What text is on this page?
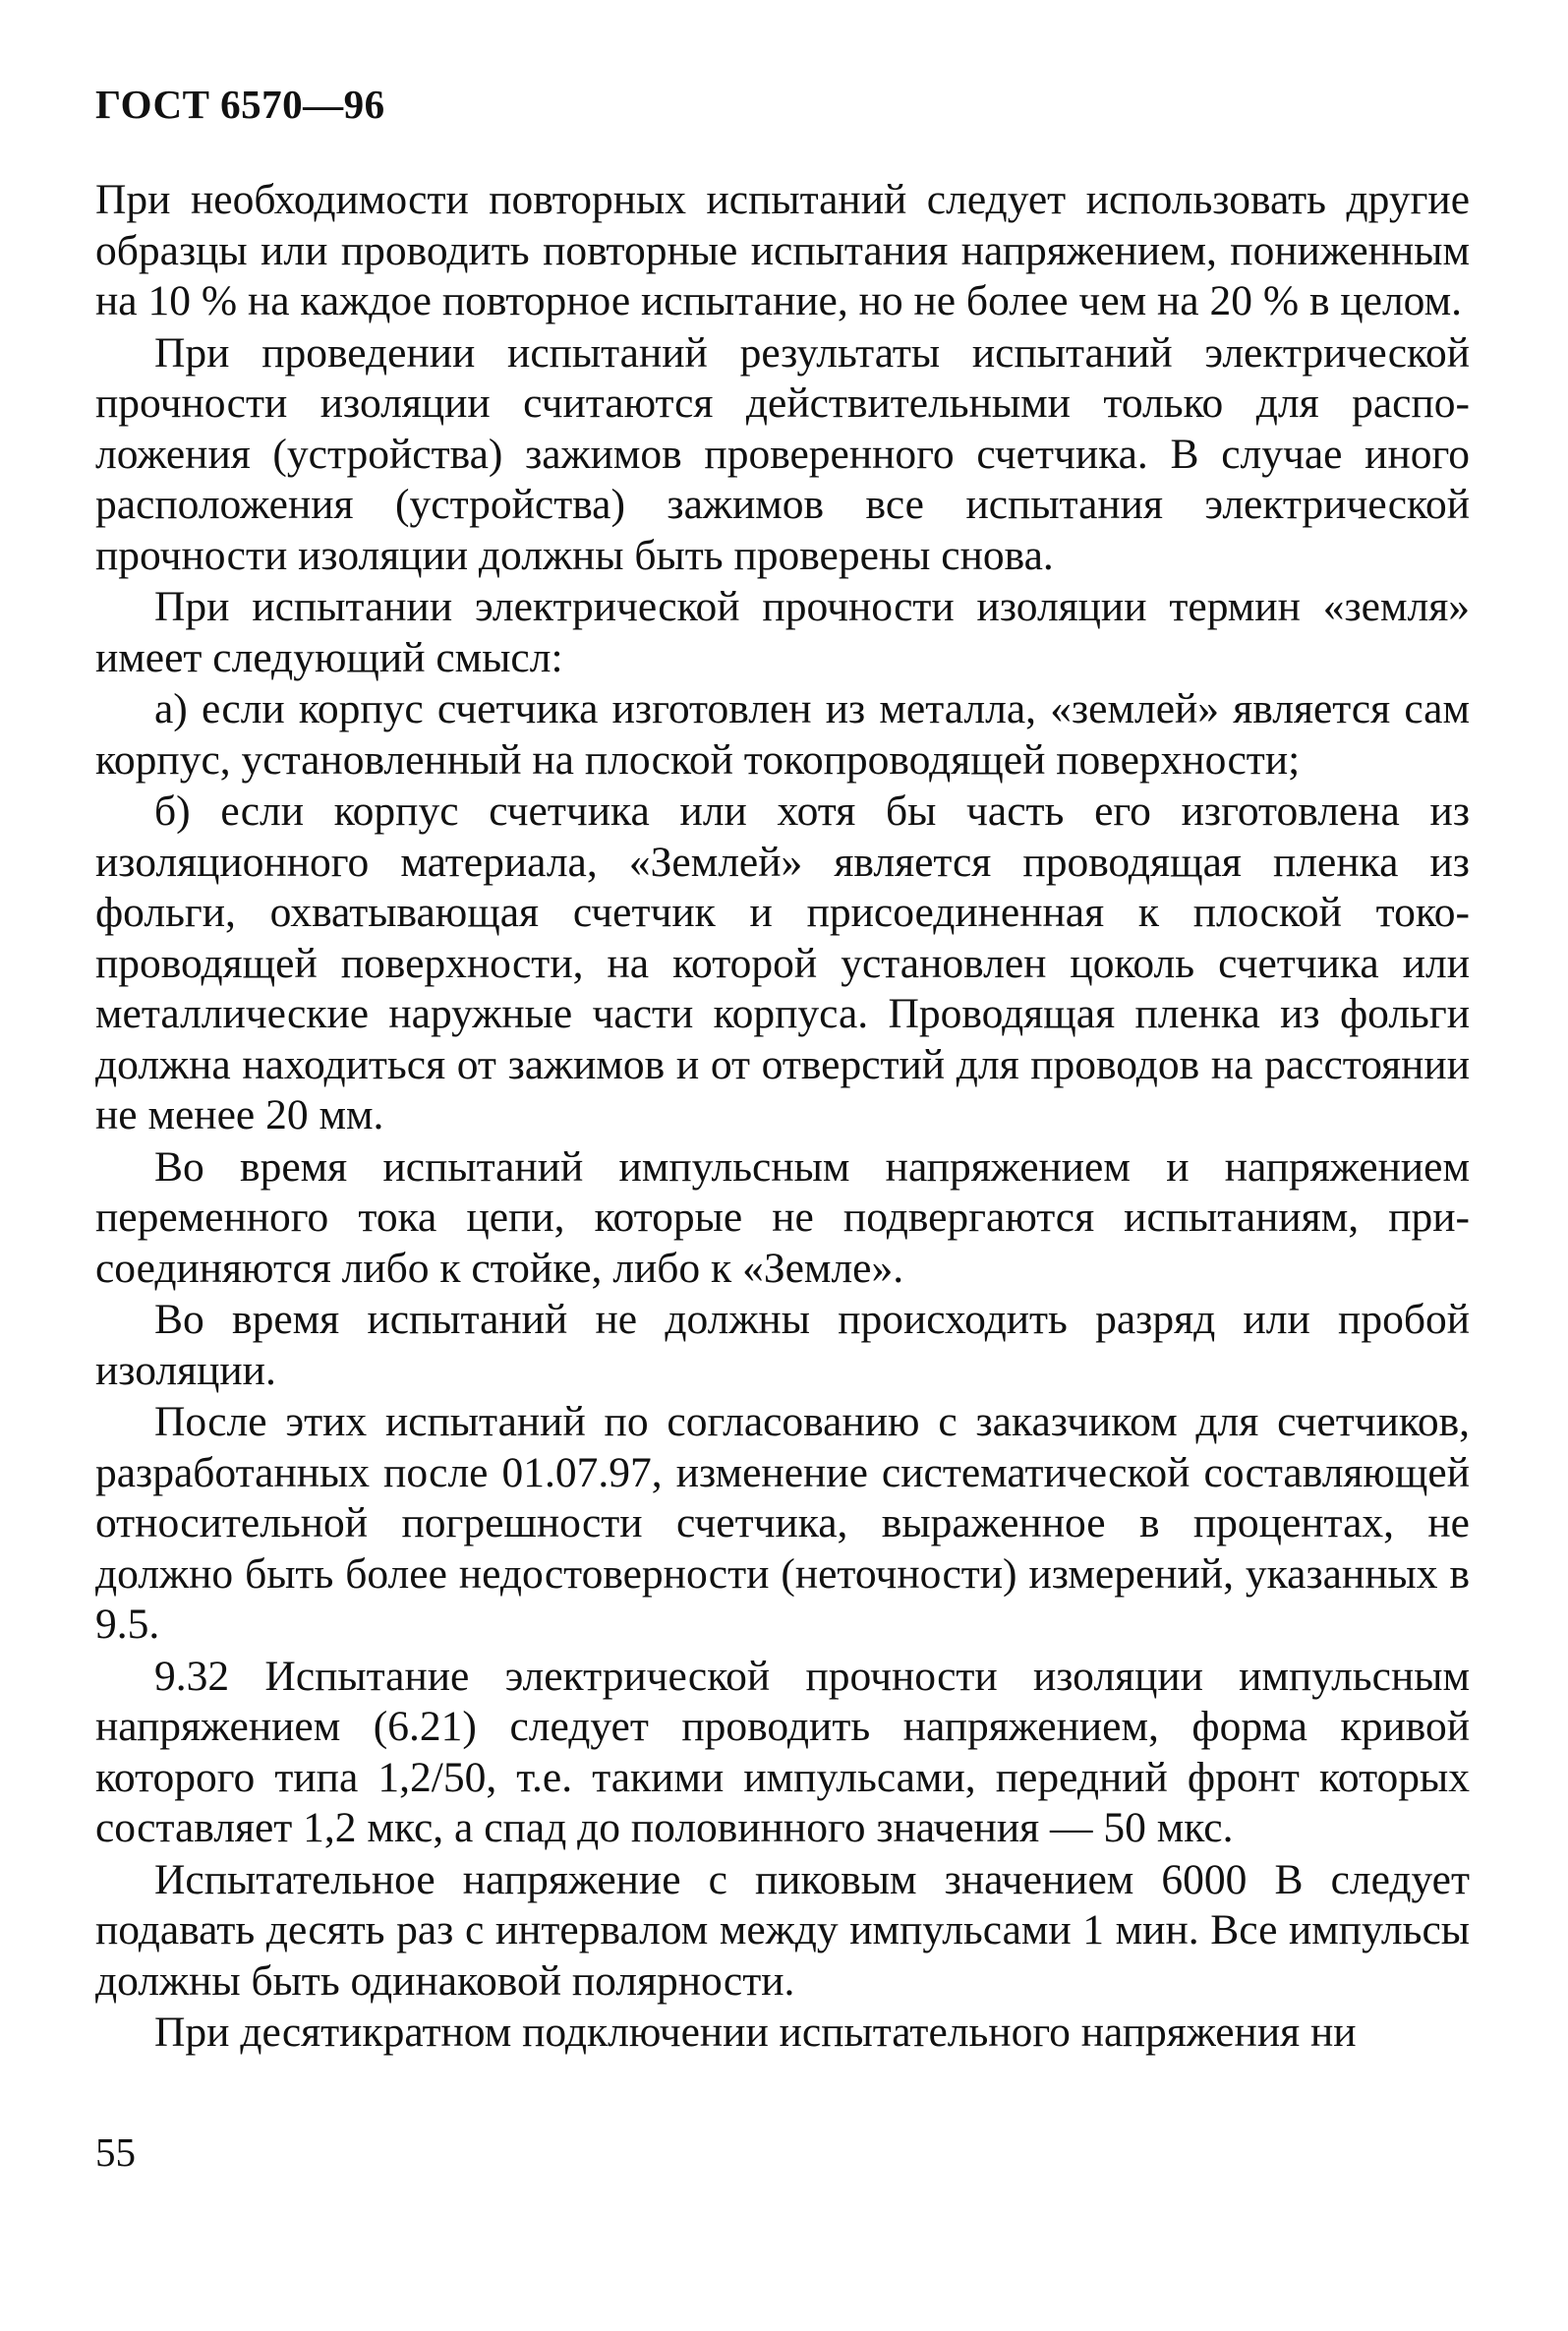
ГОСТ 6570—96

При необходимости повторных испытаний следует использовать другие образцы или проводить повторные испытания напряжением, пониженным на 10 % на каждое повторное испытание, но не более чем на 20 % в целом.

При проведении испытаний результаты испытаний электрической прочности изоляции считаются действительными только для расположения (устройства) зажимов проверенного счетчика. В случае иного расположения (устройства) зажимов все испытания электрической прочности изоляции должны быть проверены снова.

При испытании электрической прочности изоляции термин «земля» имеет следующий смысл:

а) если корпус счетчика изготовлен из металла, «землей» является сам корпус, установленный на плоской токопроводящей поверхности;

б) если корпус счетчика или хотя бы часть его изготовлена из изоляционного материала, «Землей» является проводящая пленка из фольги, охватывающая счетчик и присоединенная к плоской токопроводящей поверхности, на которой установлен цоколь счетчика или металлические наружные части корпуса. Проводящая пленка из фольги должна находиться от зажимов и от отверстий для проводов на расстоянии не менее 20 мм.

Во время испытаний импульсным напряжением и напряжением переменного тока цепи, которые не подвергаются испытаниям, присоединяются либо к стойке, либо к «Земле».

Во время испытаний не должны происходить разряд или пробой изоляции.

После этих испытаний по согласованию с заказчиком для счетчиков, разработанных после 01.07.97, изменение систематической составляющей относительной погрешности счетчика, выраженное в процентах, не должно быть более недостоверности (неточности) измерений, указанных в 9.5.

9.32 Испытание электрической прочности изоляции импульсным напряжением (6.21) следует проводить напряжением, форма кривой которого типа 1,2/50, т.е. такими импульсами, передний фронт которых составляет 1,2 мкс, а спад до половинного значения — 50 мкс.

Испытательное напряжение с пиковым значением 6000 В следует подавать десять раз с интервалом между импульсами 1 мин. Все импульсы должны быть одинаковой полярности.

При десятикратном подключении испытательного напряжения ни

55
